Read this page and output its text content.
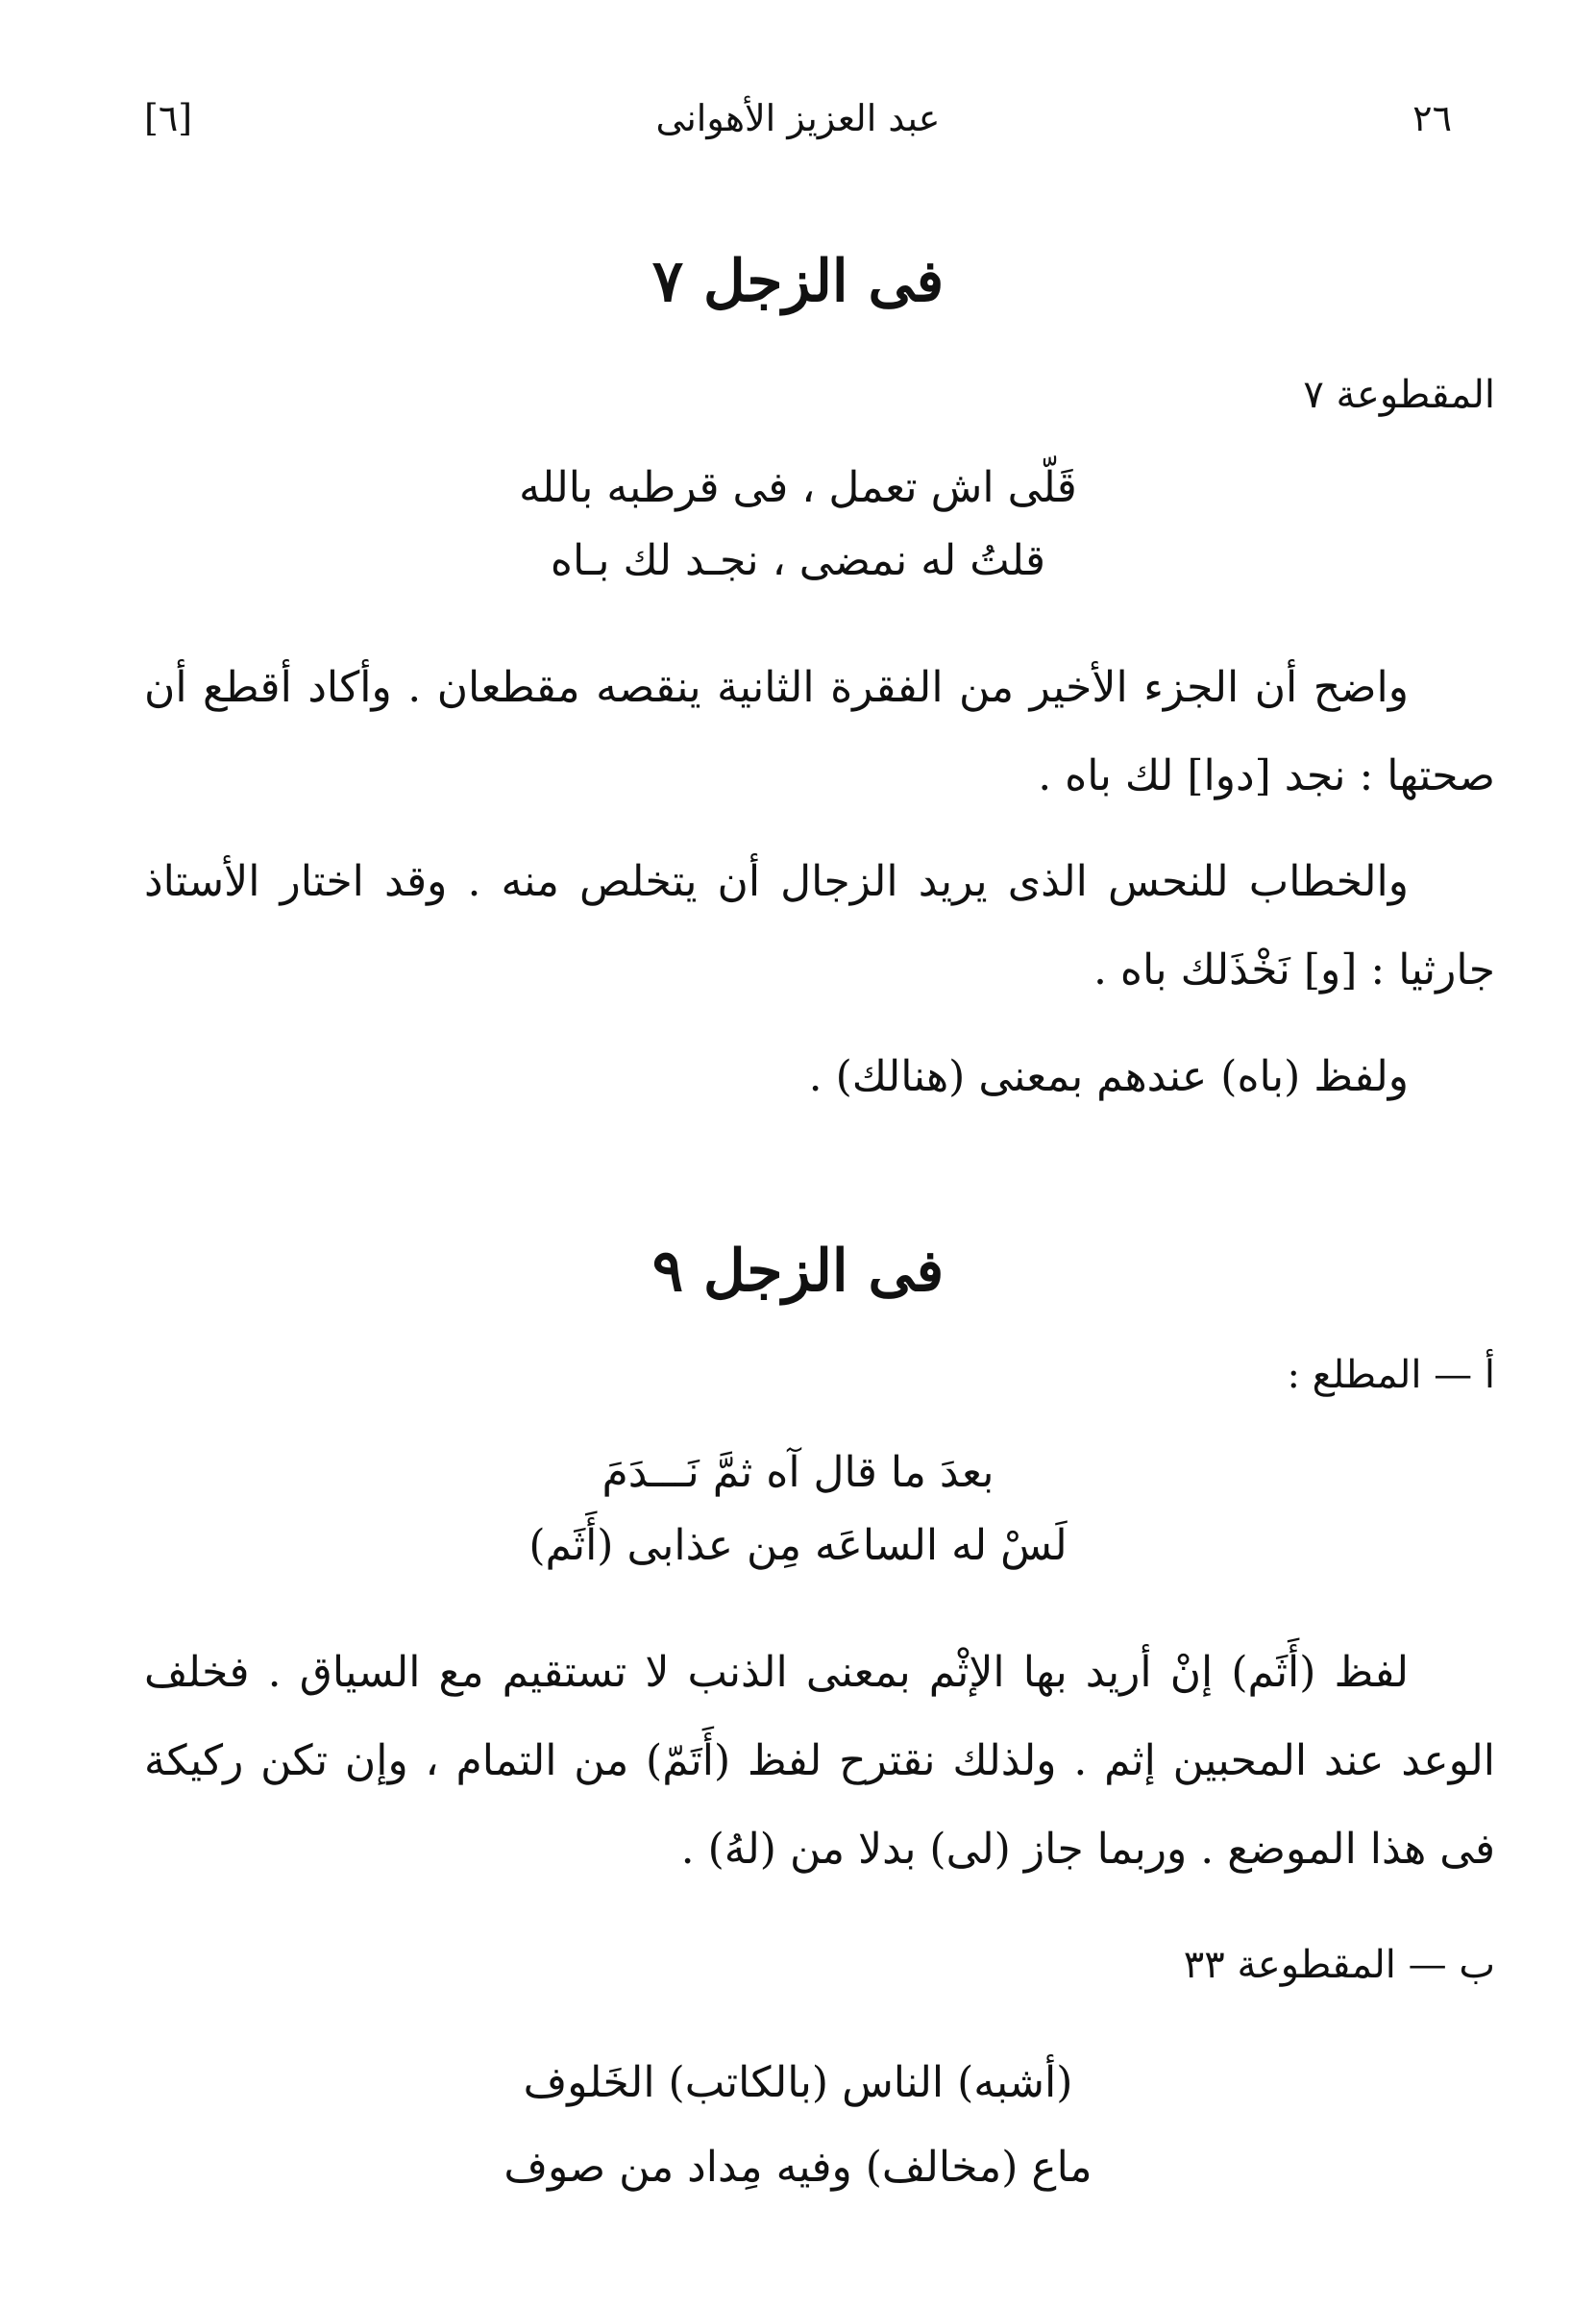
٢٦
عبد العزيز الأهوانى
[٦]
فى الزجل ٧
المقطوعة ٧
قَلّى اش تعمل ، فى قرطبه بالله
قلتُ له نمضى ، نجـد لك بـاه
واضح أن الجزء الأخير من الفقرة الثانية ينقصه مقطعان . وأكاد أقطع أن صحتها : نجد [دوا] لك باه .
والخطاب للنحس الذى يريد الزجال أن يتخلص منه . وقد اختار الأستاذ جارثيا : [و] نَخْذَلك باه .
ولفظ (باه) عندهم بمعنى (هنالك) .
فى الزجل ٩
أ — المطلع :
بعدَ ما قال آه ثمَّ نَـــدَمَ
لَسْ له الساعَه مِن عذابى (أَثَم)
لفظ (أَثَم) إنْ أريد بها الإثْم بمعنى الذنب لا تستقيم مع السياق . فخلف الوعد عند المحبين إثم . ولذلك نقترح لفظ (أَتَمّ) من التمام ، وإن تكن ركيكة فى هذا الموضع . وربما جاز (لى) بدلا من (لهُ) .
ب — المقطوعة ٣٣
(أشبه) الناس (بالكاتب) الخَلوف
ماع (مخالف) وفيه مِداد من صوف
